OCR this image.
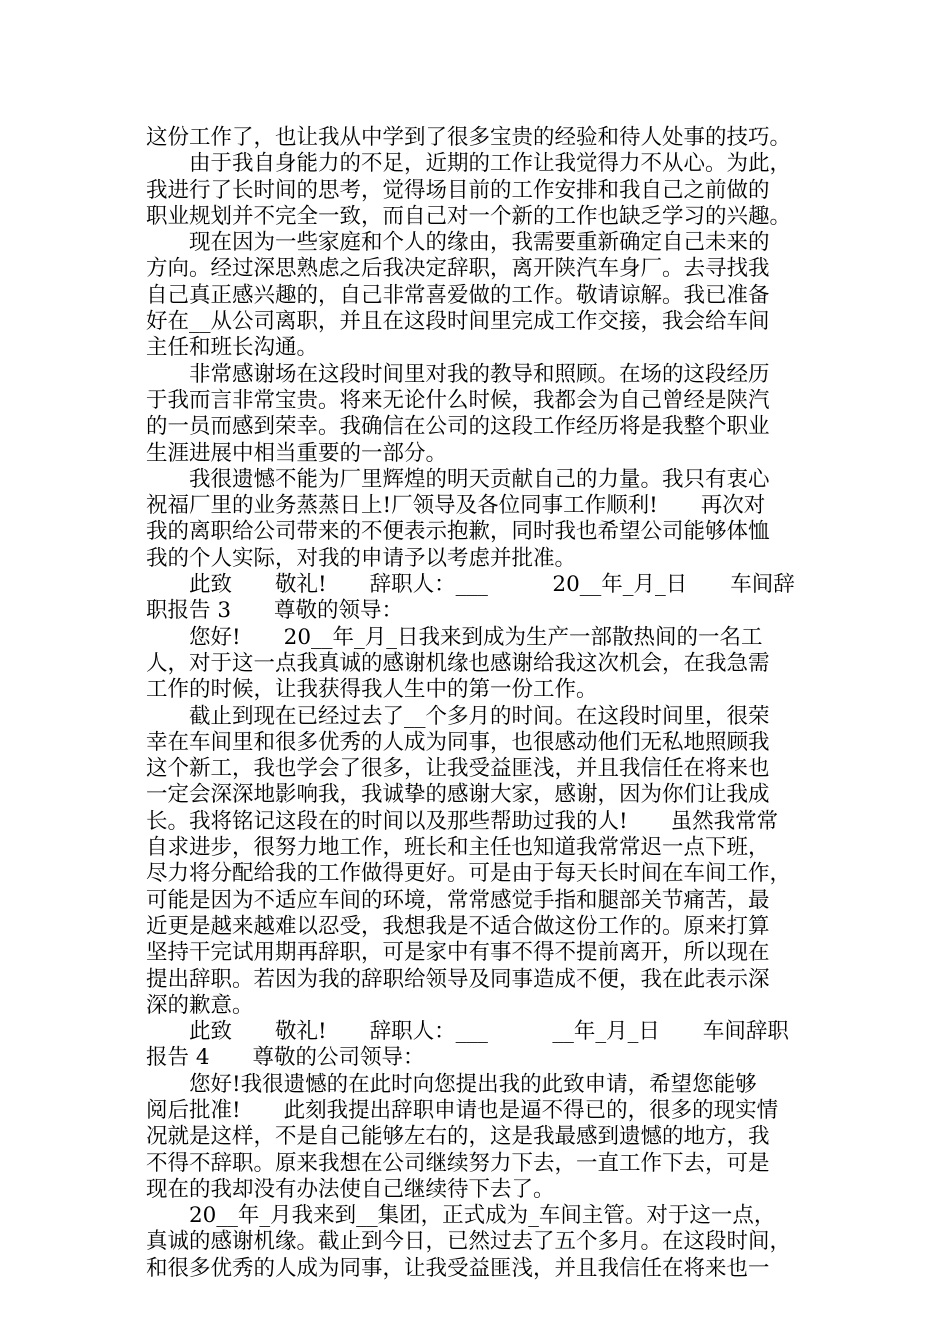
这份工作了，也让我从中学到了很多宝贵的经验和待人处事的技巧。
　　由于我自身能力的不足，近期的工作让我觉得力不从心。为此，
我进行了长时间的思考，觉得场目前的工作安排和我自己之前做的
职业规划并不完全一致，而自己对一个新的工作也缺乏学习的兴趣。
　　现在因为一些家庭和个人的缘由，我需要重新确定自己未来的
方向。经过深思熟虑之后我决定辞职，离开陕汽车身厂。去寻找我
自己真正感兴趣的，自己非常喜爱做的工作。敬请谅解。我已准备
好在__从公司离职，并且在这段时间里完成工作交接，我会给车间
主任和班长沟通。
　　非常感谢场在这段时间里对我的教导和照顾。在场的这段经历
于我而言非常宝贵。将来无论什么时候，我都会为自己曾经是陕汽
的一员而感到荣幸。我确信在公司的这段工作经历将是我整个职业
生涯进展中相当重要的一部分。
　　我很遗憾不能为厂里辉煌的明天贡献自己的力量。我只有衷心
祝福厂里的业务蒸蒸日上!厂领导及各位同事工作顺利!　　再次对
我的离职给公司带来的不便表示抱歉，同时我也希望公司能够体恤
我的个人实际，对我的申请予以考虑并批准。
　　此致　　敬礼!　　辞职人：___　　　20__年_月_日　　车间辞
职报告 3　　尊敬的领导：
　　您好!　　20__年_月_日我来到成为生产一部散热间的一名工
人，对于这一点我真诚的感谢机缘也感谢给我这次机会，在我急需
工作的时候，让我获得我人生中的第一份工作。
　　截止到现在已经过去了__个多月的时间。在这段时间里，很荣
幸在车间里和很多优秀的人成为同事，也很感动他们无私地照顾我
这个新工，我也学会了很多，让我受益匪浅，并且我信任在将来也
一定会深深地影响我，我诚挚的感谢大家，感谢，因为你们让我成
长。我将铭记这段在的时间以及那些帮助过我的人!　　虽然我常常
自求进步，很努力地工作，班长和主任也知道我常常迟一点下班，
尽力将分配给我的工作做得更好。可是由于每天长时间在车间工作，
可能是因为不适应车间的环境，常常感觉手指和腿部关节痛苦，最
近更是越来越难以忍受，我想我是不适合做这份工作的。原来打算
坚持干完试用期再辞职，可是家中有事不得不提前离开，所以现在
提出辞职。若因为我的辞职给领导及同事造成不便，我在此表示深
深的歉意。
　　此致　　敬礼!　　辞职人：___　　　__年_月_日　　车间辞职
报告 4　　尊敬的公司领导：
　　您好!我很遗憾的在此时向您提出我的此致申请，希望您能够
阅后批准!　　此刻我提出辞职申请也是逼不得已的，很多的现实情
况就是这样，不是自己能够左右的，这是我最感到遗憾的地方，我
不得不辞职。原来我想在公司继续努力下去，一直工作下去，可是
现在的我却没有办法使自己继续待下去了。
　　20__年_月我来到__集团，正式成为_车间主管。对于这一点，
真诚的感谢机缘。截止到今日，已然过去了五个多月。在这段时间，
和很多优秀的人成为同事，让我受益匪浅，并且我信任在将来也一
